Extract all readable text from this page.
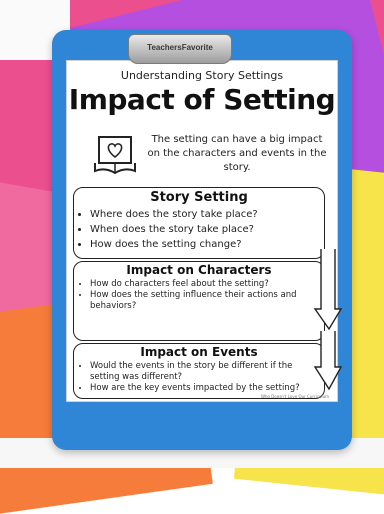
Understanding Story Settings
Impact of Setting
The setting can have a big impact on the characters and events in the story.
Story Setting
• Where does the story take place?
• When does the story take place?
• How does the setting change?
Impact on Characters
• How do characters feel about the setting?
• How does the setting influence their actions and behaviors?
Impact on Events
• Would the events in the story be different if the setting was different?
• How are the key events impacted by the setting?
Who Doesn't Love Our Curriculum
TeachersFavorite
